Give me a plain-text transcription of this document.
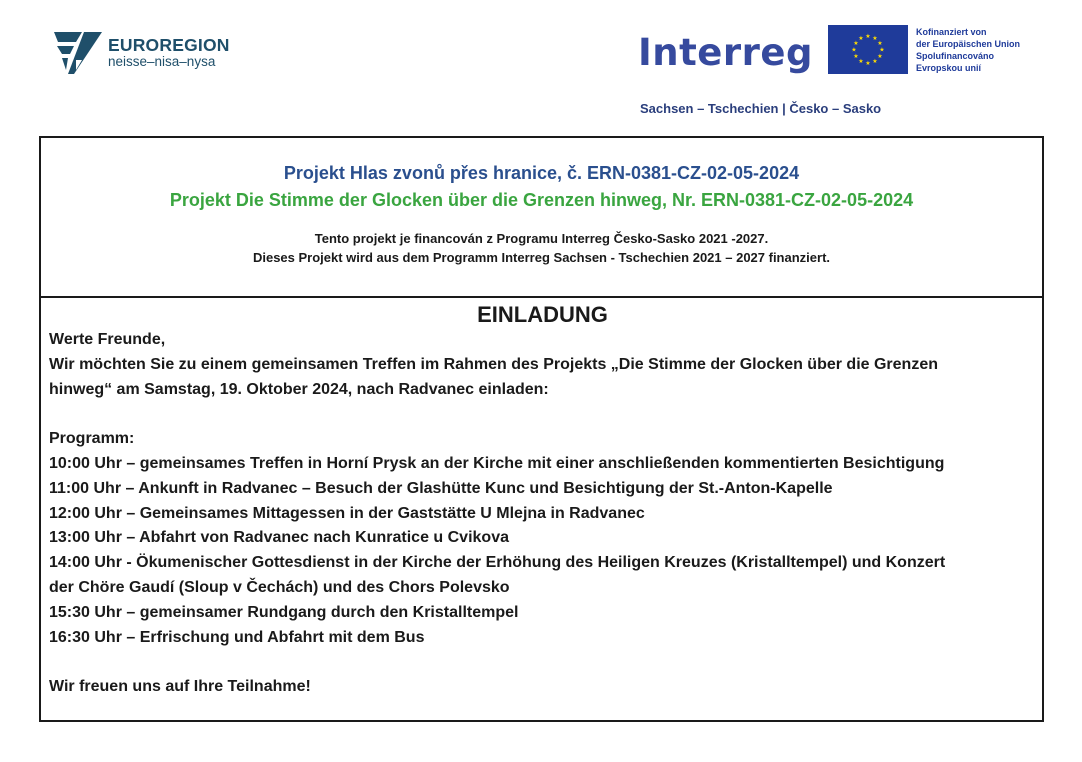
EUROREGION
neisse–nisa–nysa	Interreg
Sachsen – Tschechien | Česko – Sasko
★ ★
★
★
★
★
★
★
★
★
★
★
Kofinanziert von
der Europäischen Union
Spolufinancováno
Evropskou unií
Projekt Hlas zvonů přes hranice, č. ERN-0381-CZ-02-05-2024
Projekt Die Stimme der Glocken über die Grenzen hinweg, Nr. ERN-0381-CZ-02-05-2024
Tento projekt je financován z Programu Interreg Česko-Sasko 2021 -2027.
Dieses Projekt wird aus dem Programm Interreg Sachsen - Tschechien 2021 – 2027 finanziert.
EINLADUNG
Werte Freunde,
Wir möchten Sie zu einem gemeinsamen Treffen im Rahmen des Projekts „Die Stimme der Glocken über die Grenzen
hinweg“ am Samstag, 19. Oktober 2024, nach Radvanec einladen:
Programm:
10:00 Uhr – gemeinsames Treffen in Horní Prysk an der Kirche mit einer anschließenden kommentierten Besichtigung
11:00 Uhr – Ankunft in Radvanec – Besuch der Glashütte Kunc und Besichtigung der St.-Anton-Kapelle
12:00 Uhr – Gemeinsames Mittagessen in der Gaststätte U Mlejna in Radvanec
13:00 Uhr – Abfahrt von Radvanec nach Kunratice u Cvikova
14:00 Uhr - Ökumenischer Gottesdienst in der Kirche der Erhöhung des Heiligen Kreuzes (Kristalltempel) und Konzert
der Chöre Gaudí (Sloup v Čechách) und des Chors Polevsko
15:30 Uhr – gemeinsamer Rundgang durch den Kristalltempel
16:30 Uhr – Erfrischung und Abfahrt mit dem Bus
Wir freuen uns auf Ihre Teilnahme!
